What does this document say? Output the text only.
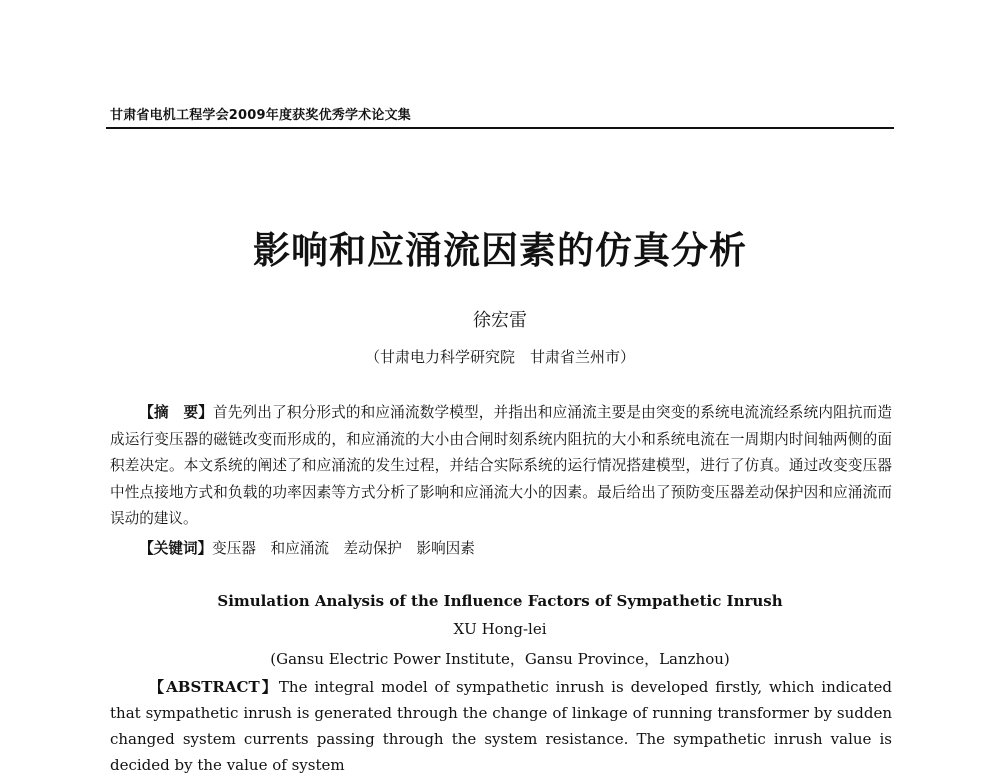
甘肃省电机工程学会2009年度获奖优秀学术论文集
影响和应涌流因素的仿真分析
徐宏雷
（甘肃电力科学研究院　甘肃省兰州市）
【摘　要】首先列出了积分形式的和应涌流数学模型，并指出和应涌流主要是由突变的系统电流流经系统内阻抗而造成运行变压器的磁链改变而形成的，和应涌流的大小由合闸时刻系统内阻抗的大小和系统电流在一周期内时间轴两侧的面积差决定。本文系统的阐述了和应涌流的发生过程，并结合实际系统的运行情况搭建模型，进行了仿真。通过改变变压器中性点接地方式和负载的功率因素等方式分析了影响和应涌流大小的因素。最后给出了预防变压器差动保护因和应涌流而误动的建议。
【关键词】变压器　和应涌流　差动保护　影响因素
Simulation Analysis of the Influence Factors of Sympathetic Inrush
XU Hong-lei
(Gansu Electric Power Institute，Gansu Province，Lanzhou)
【ABSTRACT】The integral model of sympathetic inrush is developed firstly, which indicated that sympathetic inrush is generated through the change of linkage of running transformer by sudden changed system currents passing through the system resistance. The sympathetic inrush value is decided by the value of system
